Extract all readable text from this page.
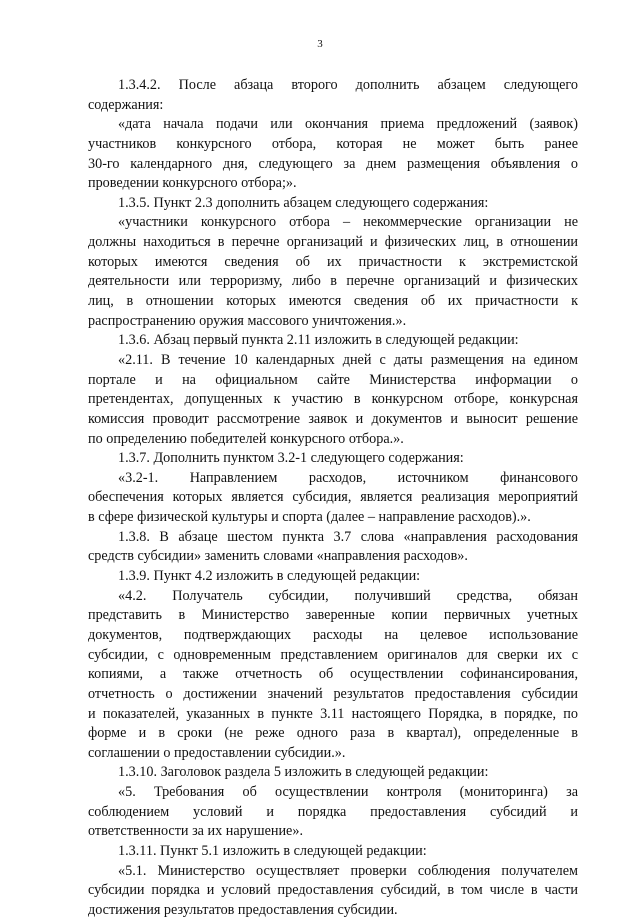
3
1.3.4.2. После абзаца второго дополнить абзацем следующего
содержания:
«дата начала подачи или окончания приема предложений (заявок)
участников конкурсного отбора, которая не может быть ранее
30-го календарного дня, следующего за днем размещения объявления о
проведении конкурсного отбора;».
1.3.5. Пункт 2.3 дополнить абзацем следующего содержания:
«участники конкурсного отбора – некоммерческие организации не
должны находиться в перечне организаций и физических лиц, в отношении
которых имеются сведения об их причастности к экстремистской
деятельности или терроризму, либо в перечне организаций и физических
лиц, в отношении которых имеются сведения об их причастности к
распространению оружия массового уничтожения.».
1.3.6. Абзац первый пункта 2.11 изложить в следующей редакции:
«2.11. В течение 10 календарных дней с даты размещения на едином
портале и на официальном сайте Министерства информации о
претендентах, допущенных к участию в конкурсном отборе, конкурсная
комиссия проводит рассмотрение заявок и документов и выносит решение
по определению победителей конкурсного отбора.».
1.3.7. Дополнить пунктом 3.2-1 следующего содержания:
«3.2-1. Направлением расходов, источником финансового
обеспечения которых является субсидия, является реализация мероприятий
в сфере физической культуры и спорта (далее – направление расходов).».
1.3.8. В абзаце шестом пункта 3.7 слова «направления расходования
средств субсидии» заменить словами «направления расходов».
1.3.9. Пункт 4.2 изложить в следующей редакции:
«4.2. Получатель субсидии, получивший средства, обязан
представить в Министерство заверенные копии первичных учетных
документов, подтверждающих расходы на целевое использование
субсидии, с одновременным представлением оригиналов для сверки их с
копиями, а также отчетность об осуществлении софинансирования,
отчетность о достижении значений результатов предоставления субсидии
и показателей, указанных в пункте 3.11 настоящего Порядка, в порядке, по
форме и в сроки (не реже одного раза в квартал), определенные в
соглашении о предоставлении субсидии.».
1.3.10. Заголовок раздела 5 изложить в следующей редакции:
«5. Требования об осуществлении контроля (мониторинга) за
соблюдением условий и порядка предоставления субсидий и
ответственности за их нарушение».
1.3.11. Пункт 5.1 изложить в следующей редакции:
«5.1. Министерство осуществляет проверки соблюдения получателем
субсидии порядка и условий предоставления субсидий, в том числе в части
достижения результатов предоставления субсидии.
